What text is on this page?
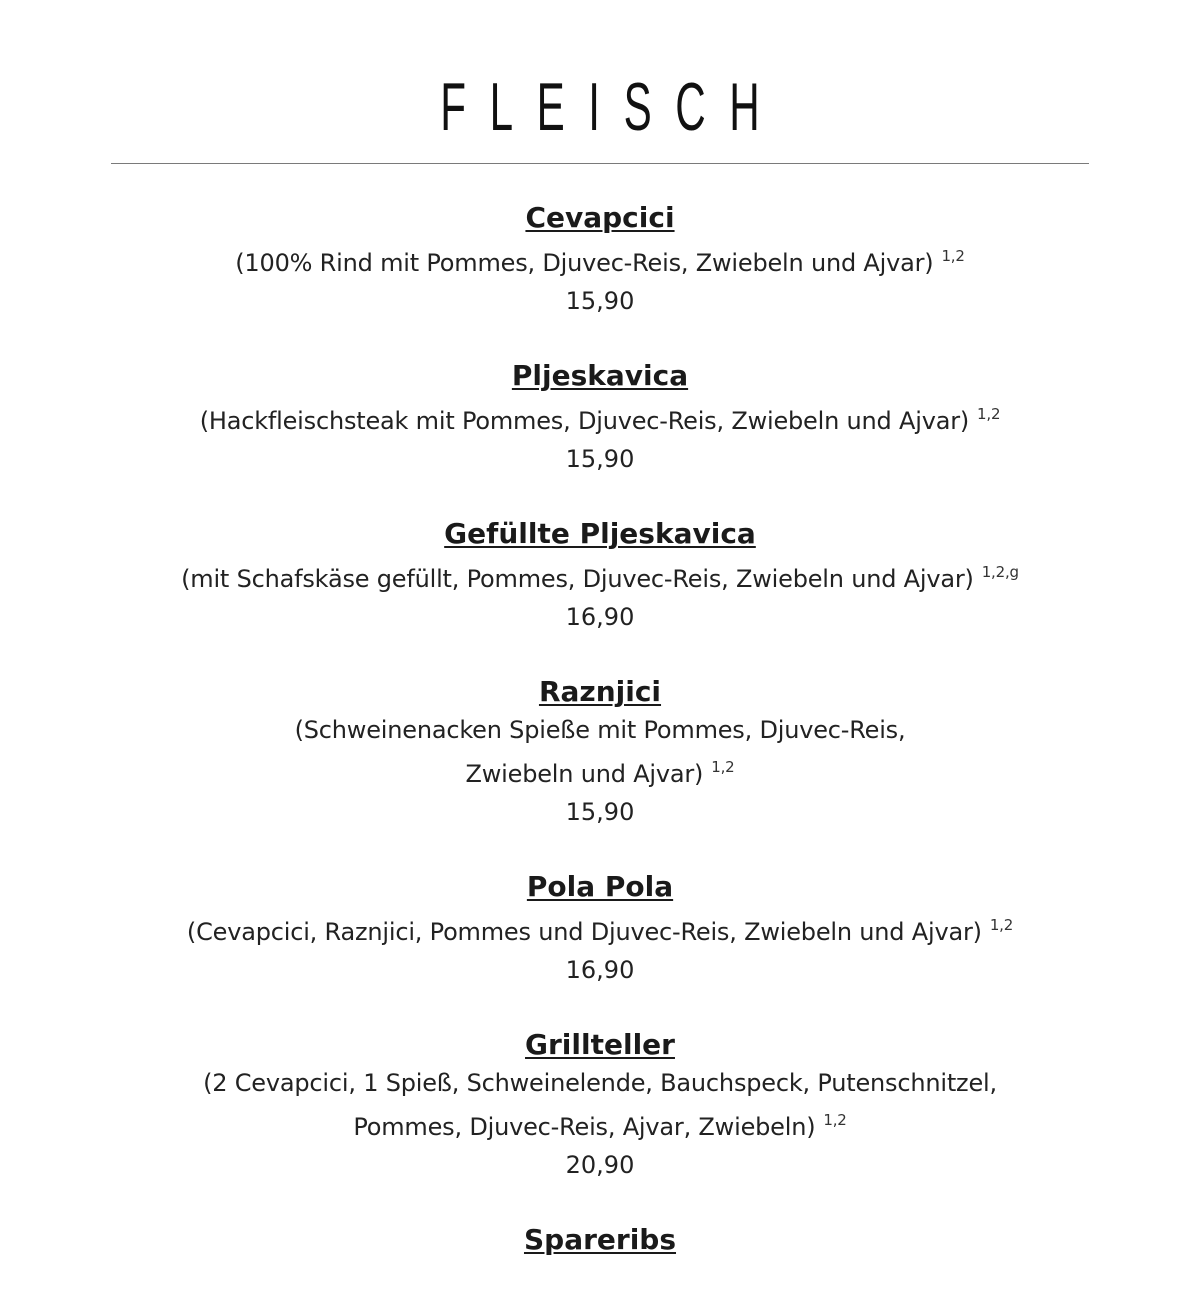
FLEISCH
Cevapcici
(100% Rind mit Pommes, Djuvec-Reis, Zwiebeln und Ajvar) $^{1,2}$
15,90
Pljeskavica
(Hackfleischsteak mit Pommes, Djuvec-Reis, Zwiebeln und Ajvar) $^{1,2}$
15,90
Gefüllte Pljeskavica
(mit Schafskäse gefüllt, Pommes, Djuvec-Reis, Zwiebeln und Ajvar) $^{1,2,g}$
16,90
Raznjici
(Schweinenacken Spieße mit Pommes, Djuvec-Reis,
Zwiebeln und Ajvar) $^{1,2}$
15,90
Pola Pola
(Cevapcici, Raznjici, Pommes und Djuvec-Reis, Zwiebeln und Ajvar) $^{1,2}$
16,90
Grillteller
(2 Cevapcici, 1 Spieß, Schweinelende, Bauchspeck, Putenschnitzel,
Pommes, Djuvec-Reis, Ajvar, Zwiebeln) $^{1,2}$
20,90
Spareribs
